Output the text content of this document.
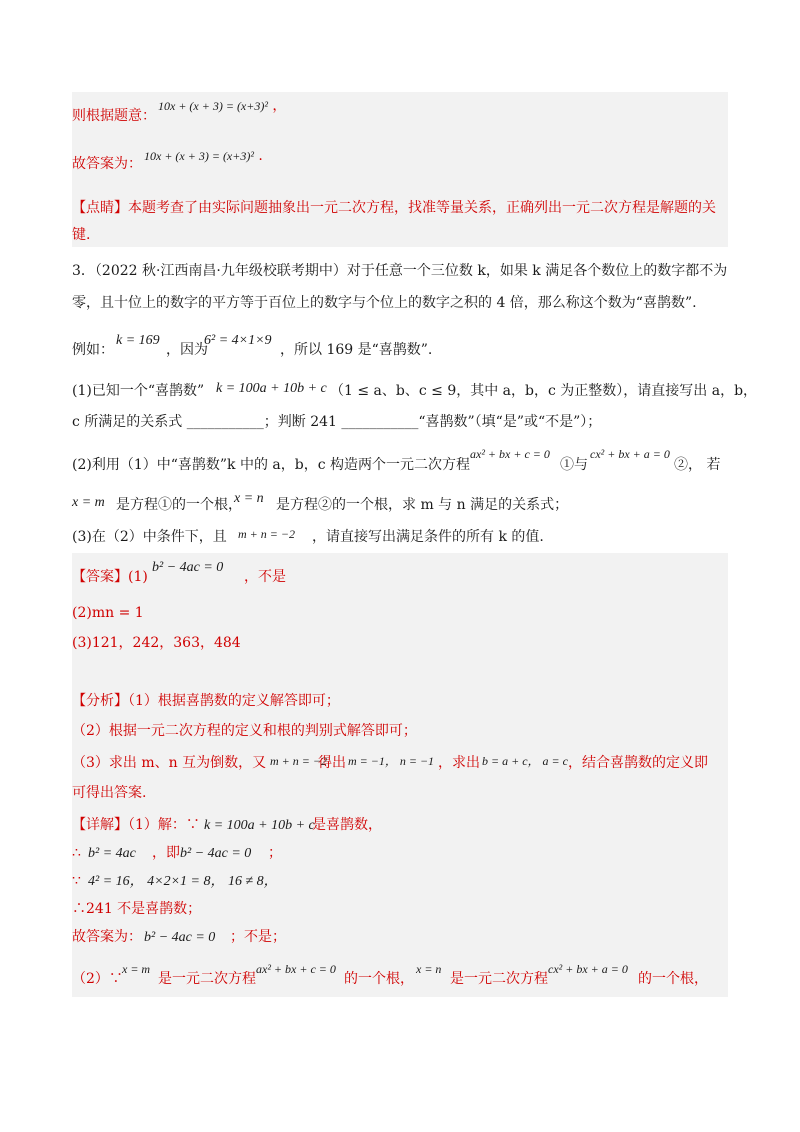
则根据题意：
10x + (x + 3) = (x+3)² ，
故答案为： 10x + (x + 3) = (x+3)² .
【点睛】本题考查了由实际问题抽象出一元二次方程，找准等量关系，正确列出一元二次方程是解题的关
键.
3．（2022 秋·江西南昌·九年级校联考期中）对于任意一个三位数 k，如果 k 满足各个数位上的数字都不为
零，且十位上的数字的平方等于百位上的数字与个位上的数字之积的 4 倍，那么称这个数为“喜鹊数”.
例如：
k = 169
，因为
6² = 4×1×9
，所以 169 是“喜鹊数”.
(1)已知一个“喜鹊数” k = 100a + 10b + c （1 ≤ a、b、c ≤ 9，其中 a，b，c 为正整数），请直接写出 a，b，
c 所满足的关系式 ___________；判断 241 ___________“喜鹊数”（填“是”或“不是”）；
(2)利用（1）中“喜鹊数”k 中的 a，b，c 构造两个一元二次方程
ax² + bx + c = 0
①与
cx² + bx + a = 0
②， 若
x = m 是方程①的一个根，
x = n 是方程②的一个根，求 m 与 n 满足的关系式；
(3)在（2）中条件下，且 m + n = −2 ，请直接写出满足条件的所有 k 的值.
【答案】(1)
b² − 4ac = 0
，不是
(2)mn = 1
(3)121，242，363，484
【分析】（1）根据喜鹊数的定义解答即可；
（2）根据一元二次方程的定义和根的判别式解答即可；
（3）求出 m、n 互为倒数，又 m + n = −2
得出 m = −1， n = −1 ，求出 b = a + c， a = c ，结合喜鹊数的定义即
可得出答案.
【详解】（1）解：∵ k = 100a + 10b + c
是喜鹊数，
∴ b² = 4ac ，即 b² − 4ac = 0 ；
∵ 4² = 16， 4×2×1 = 8， 16 ≠ 8，
∴241 不是喜鹊数；
故答案为： b² − 4ac = 0 ；不是；
（2）∵
x = m
是一元二次方程
ax² + bx + c = 0
的一个根，
x = n
是一元二次方程
cx² + bx + a = 0
的一个根，
